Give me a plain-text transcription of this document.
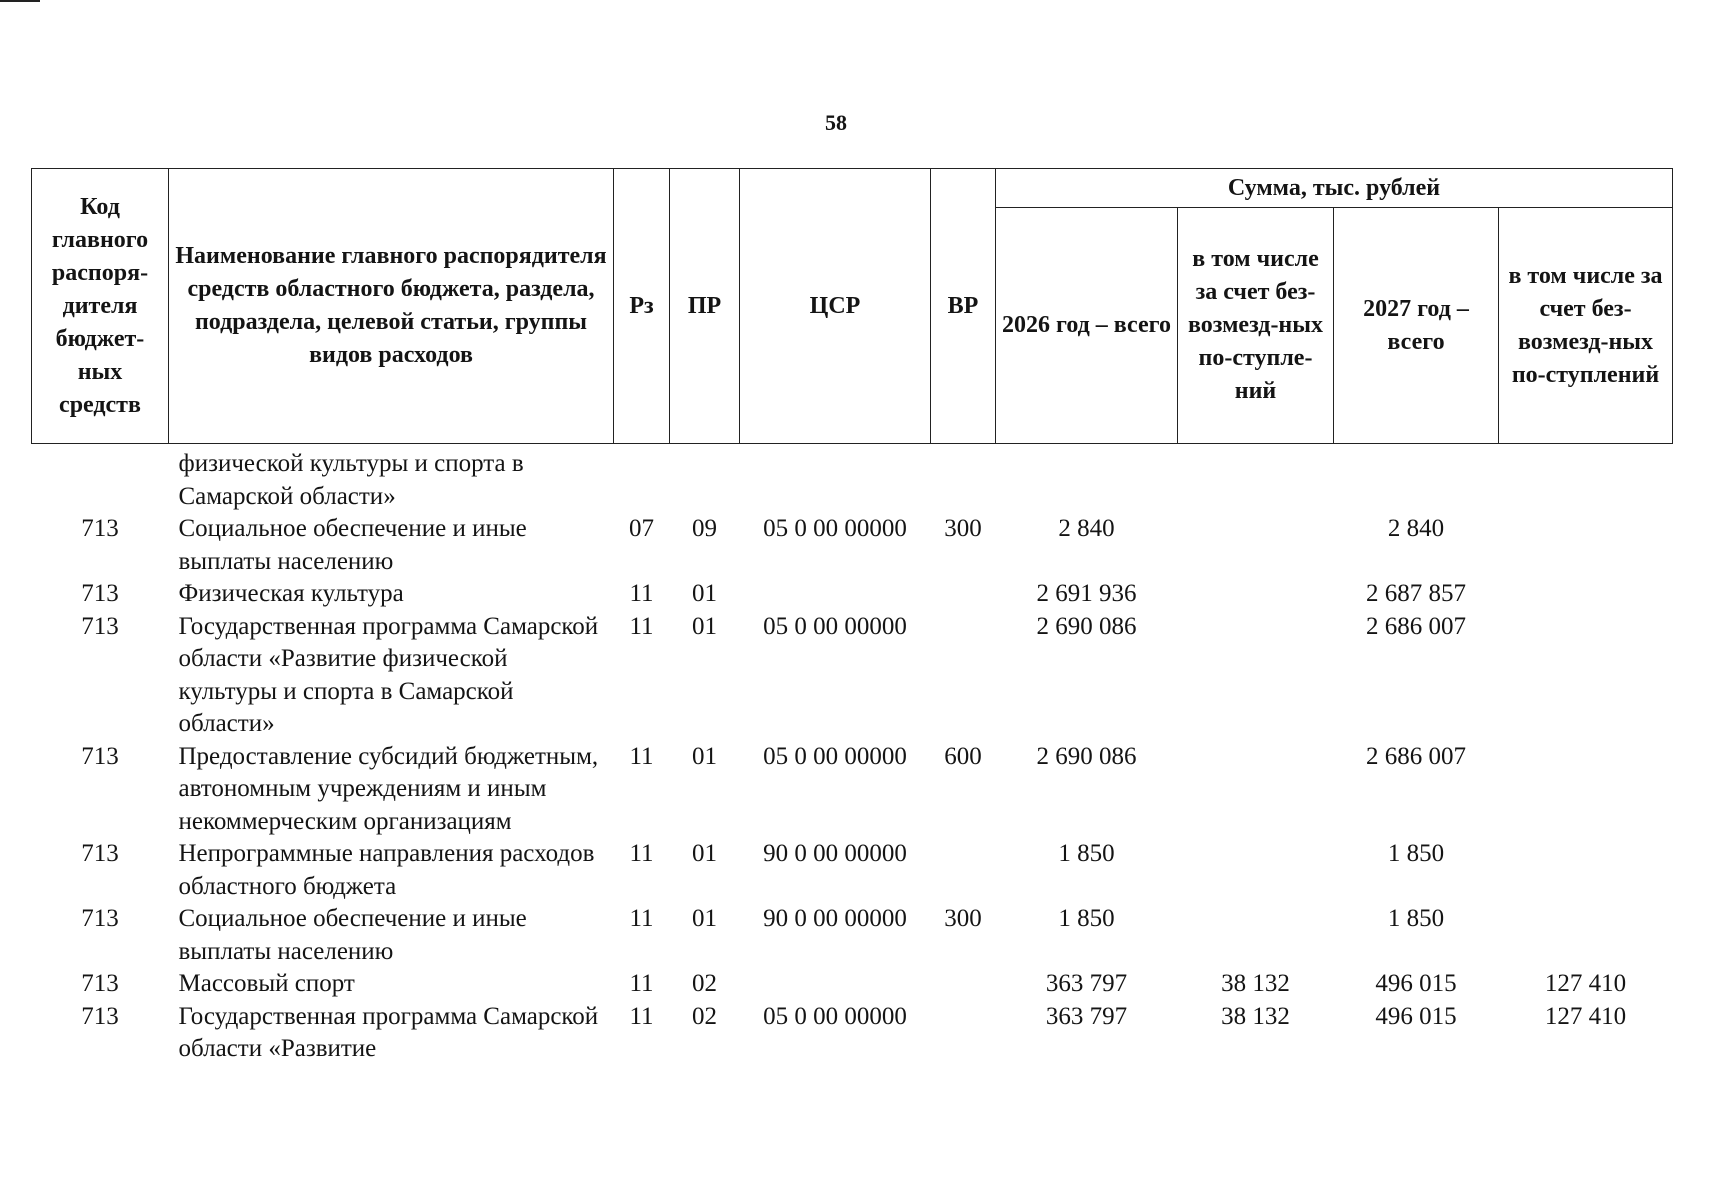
58
Код главного распоря-дителя бюджет-ных средств	Наименование главного распорядителя средств областного бюджета, раздела, подраздела, целевой статьи, группы видов расходов	Рз	ПР	ЦСР	ВР	Сумма, тыс. рублей			
						2026 год – всего	в том числе за счет без-возмезд-ных по-ступле-ний	2027 год – всего	в том числе за счет без-возмезд-ных по-ступлений
	физической культуры и спорта в Самарской области»								
713	Социальное обеспечение и иные выплаты населению	07	09	05 0 00 00000	300	2 840		2 840	
713	Физическая культура	11	01			2 691 936		2 687 857	
713	Государственная программа Самарской области «Развитие физической культуры и спорта в Самарской области»	11	01	05 0 00 00000		2 690 086		2 686 007	
713	Предоставление субсидий бюджетным, автономным учреждениям и иным некоммерческим организациям	11	01	05 0 00 00000	600	2 690 086		2 686 007	
713	Непрограммные направления расходов областного бюджета	11	01	90 0 00 00000		1 850		1 850	
713	Социальное обеспечение и иные выплаты населению	11	01	90 0 00 00000	300	1 850		1 850	
713	Массовый спорт	11	02			363 797	38 132	496 015	127 410
713	Государственная программа Самарской области «Развитие	11	02	05 0 00 00000		363 797	38 132	496 015	127 410
